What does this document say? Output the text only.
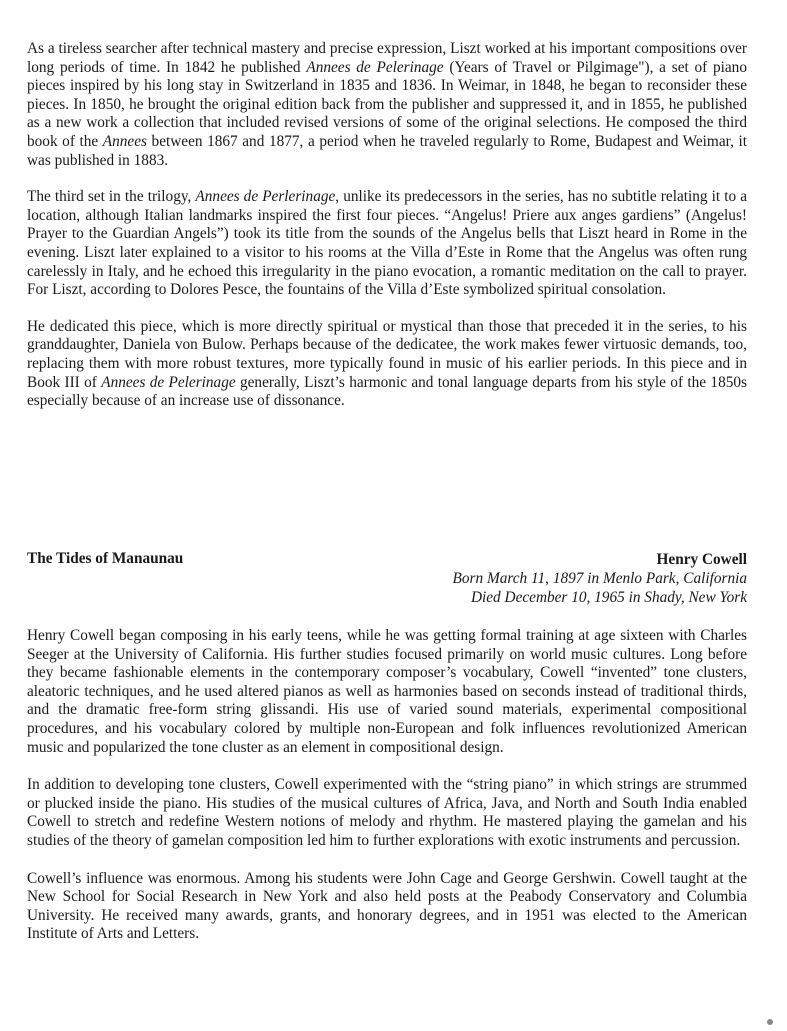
As a tireless searcher after technical mastery and precise expression, Liszt worked at his important compositions over long periods of time. In 1842 he published Annees de Pelerinage (Years of Travel or Pilgimage"), a set of piano pieces inspired by his long stay in Switzerland in 1835 and 1836. In Weimar, in 1848, he began to reconsider these pieces. In 1850, he brought the original edition back from the publisher and suppressed it, and in 1855, he published as a new work a collection that included revised versions of some of the original selections. He composed the third book of the Annees between 1867 and 1877, a period when he traveled regularly to Rome, Budapest and Weimar, it was published in 1883.

The third set in the trilogy, Annees de Perlerinage, unlike its predecessors in the series, has no subtitle relating it to a location, although Italian landmarks inspired the first four pieces. “Angelus! Priere aux anges gardiens” (Angelus! Prayer to the Guardian Angels”) took its title from the sounds of the Angelus bells that Liszt heard in Rome in the evening. Liszt later explained to a visitor to his rooms at the Villa d’Este in Rome that the Angelus was often rung carelessly in Italy, and he echoed this irregularity in the piano evocation, a romantic meditation on the call to prayer. For Liszt, according to Dolores Pesce, the fountains of the Villa d’Este symbolized spiritual consolation.

He dedicated this piece, which is more directly spiritual or mystical than those that preceded it in the series, to his granddaughter, Daniela von Bulow. Perhaps because of the dedicatee, the work makes fewer virtuosic demands, too, replacing them with more robust textures, more typically found in music of his earlier periods. In this piece and in Book III of Annees de Pelerinage generally, Liszt’s harmonic and tonal language departs from his style of the 1850s especially because of an increase use of dissonance.

The Tides of Manaunau	Henry Cowell
Born March 11, 1897 in Menlo Park, California
Died December 10, 1965 in Shady, New York

Henry Cowell began composing in his early teens, while he was getting formal training at age sixteen with Charles Seeger at the University of California. His further studies focused primarily on world music cultures. Long before they became fashionable elements in the contemporary composer’s vocabulary, Cowell “invented” tone clusters, aleatoric techniques, and he used altered pianos as well as harmonies based on seconds instead of traditional thirds, and the dramatic free-form string glissandi. His use of varied sound materials, experimental compositional procedures, and his vocabulary colored by multiple non-European and folk influences revolutionized American music and popularized the tone cluster as an element in compositional design.

In addition to developing tone clusters, Cowell experimented with the “string piano” in which strings are strummed or plucked inside the piano. His studies of the musical cultures of Africa, Java, and North and South India enabled Cowell to stretch and redefine Western notions of melody and rhythm. He mastered playing the gamelan and his studies of the theory of gamelan composition led him to further explorations with exotic instruments and percussion.

Cowell’s influence was enormous. Among his students were John Cage and George Gershwin. Cowell taught at the New School for Social Research in New York and also held posts at the Peabody Conservatory and Columbia University. He received many awards, grants, and honorary degrees, and in 1951 was elected to the American Institute of Arts and Letters.
